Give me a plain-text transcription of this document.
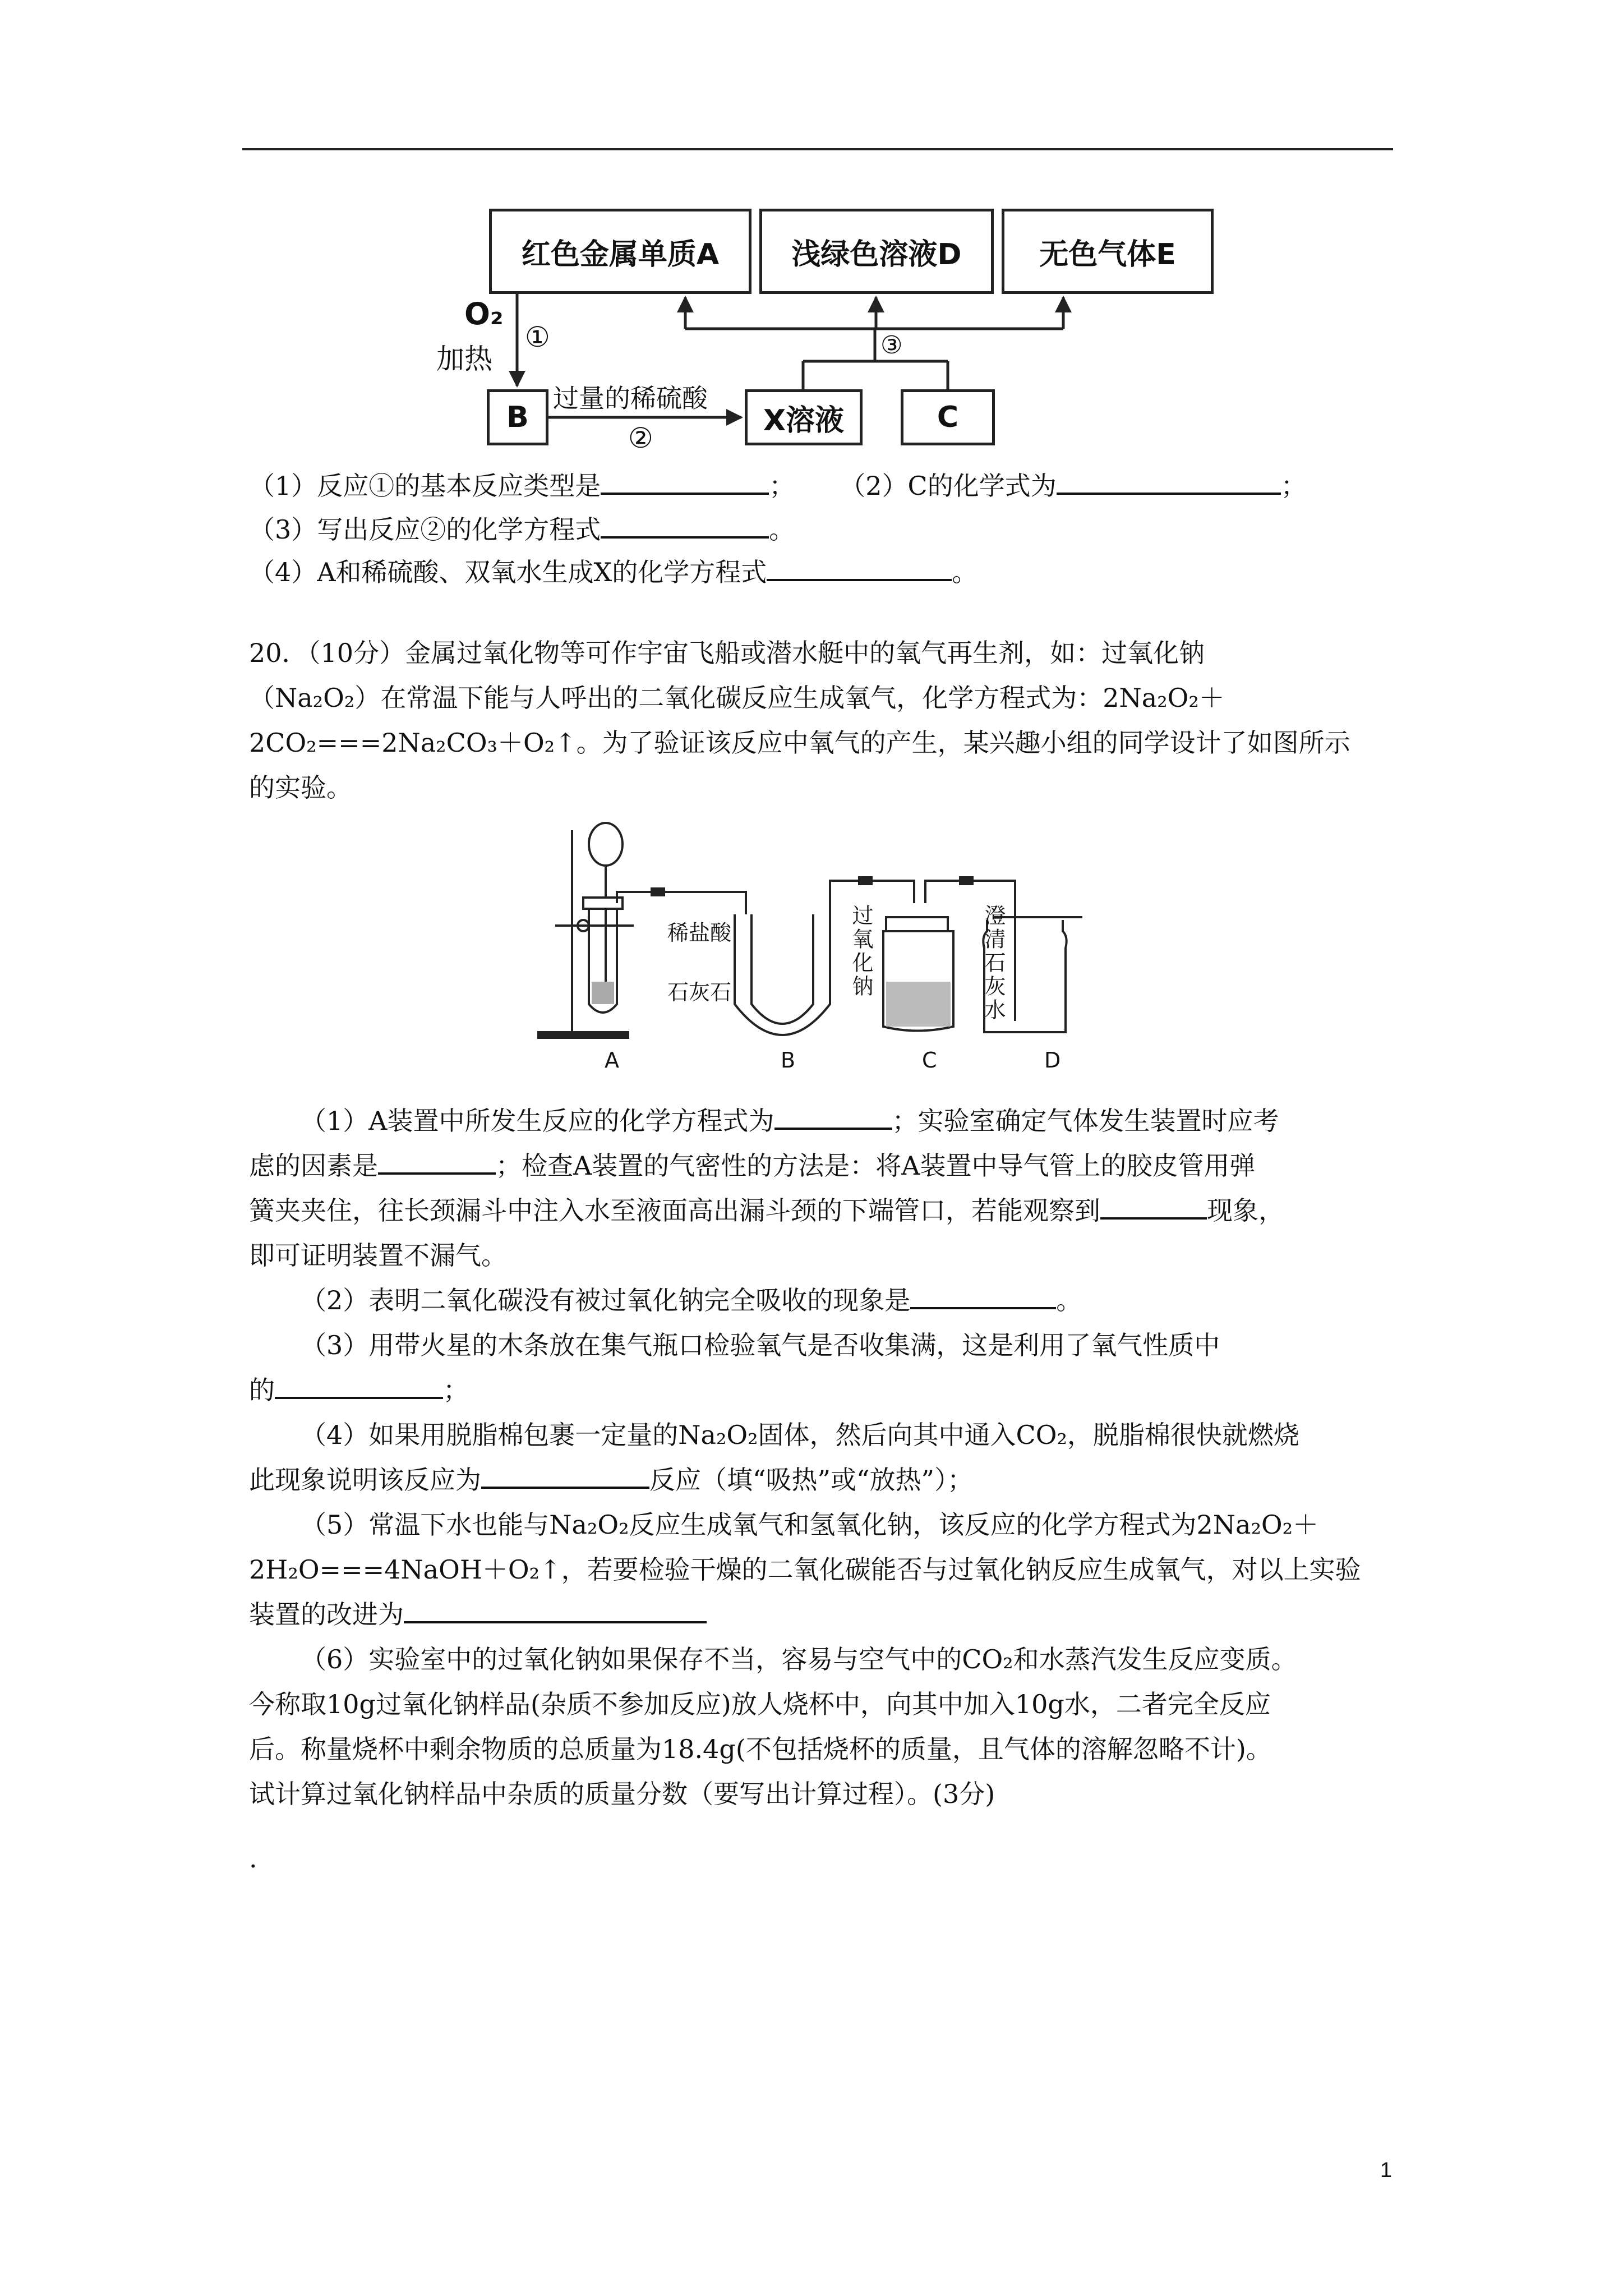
红色金属单质A	浅绿色溶液D	无色气体E
B	X溶液	C
O₂
加热
①
过量的稀硫酸
②
③
（1）反应①的基本反应类型是	； （2）C的化学式为	；
（3）写出反应②的化学方程式	。
（4）A和稀硫酸、双氧水生成X的化学方程式	。
20．（10分）金属过氧化物等可作宇宙飞船或潜水艇中的氧气再生剂，如：过氧化钠
（Na₂O₂）在常温下能与人呼出的二氧化碳反应生成氧气，化学方程式为：2Na₂O₂＋
2CO₂===2Na₂CO₃＋O₂↑。为了验证该反应中氧气的产生，某兴趣小组的同学设计了如图所示
的实验。
稀盐酸
石灰石	过氧化钠	澄清石灰水
A	B	C	D
（1）A装置中所发生反应的化学方程式为	；实验室确定气体发生装置时应考
虑的因素是	；检查A装置的气密性的方法是：将A装置中导气管上的胶皮管用弹
簧夹夹住，往长颈漏斗中注入水至液面高出漏斗颈的下端管口，若能观察到	现象，
即可证明装置不漏气。
（2）表明二氧化碳没有被过氧化钠完全吸收的现象是	。
（3）用带火星的木条放在集气瓶口检验氧气是否收集满，这是利用了氧气性质中
的	；
（4）如果用脱脂棉包裹一定量的Na₂O₂固体，然后向其中通入CO₂，脱脂棉很快就燃烧
此现象说明该反应为	反应（填“吸热”或“放热”）；
（5）常温下水也能与Na₂O₂反应生成氧气和氢氧化钠，该反应的化学方程式为2Na₂O₂＋
2H₂O===4NaOH＋O₂↑，若要检验干燥的二氧化碳能否与过氧化钠反应生成氧气，对以上实验
装置的改进为
（6）实验室中的过氧化钠如果保存不当，容易与空气中的CO₂和水蒸汽发生反应变质。
今称取10g过氧化钠样品(杂质不参加反应)放人烧杯中，向其中加入10g水，二者完全反应
后。称量烧杯中剩余物质的总质量为18.4g(不包括烧杯的质量，且气体的溶解忽略不计)。
试计算过氧化钠样品中杂质的质量分数（要写出计算过程）。(3分)
.
1
